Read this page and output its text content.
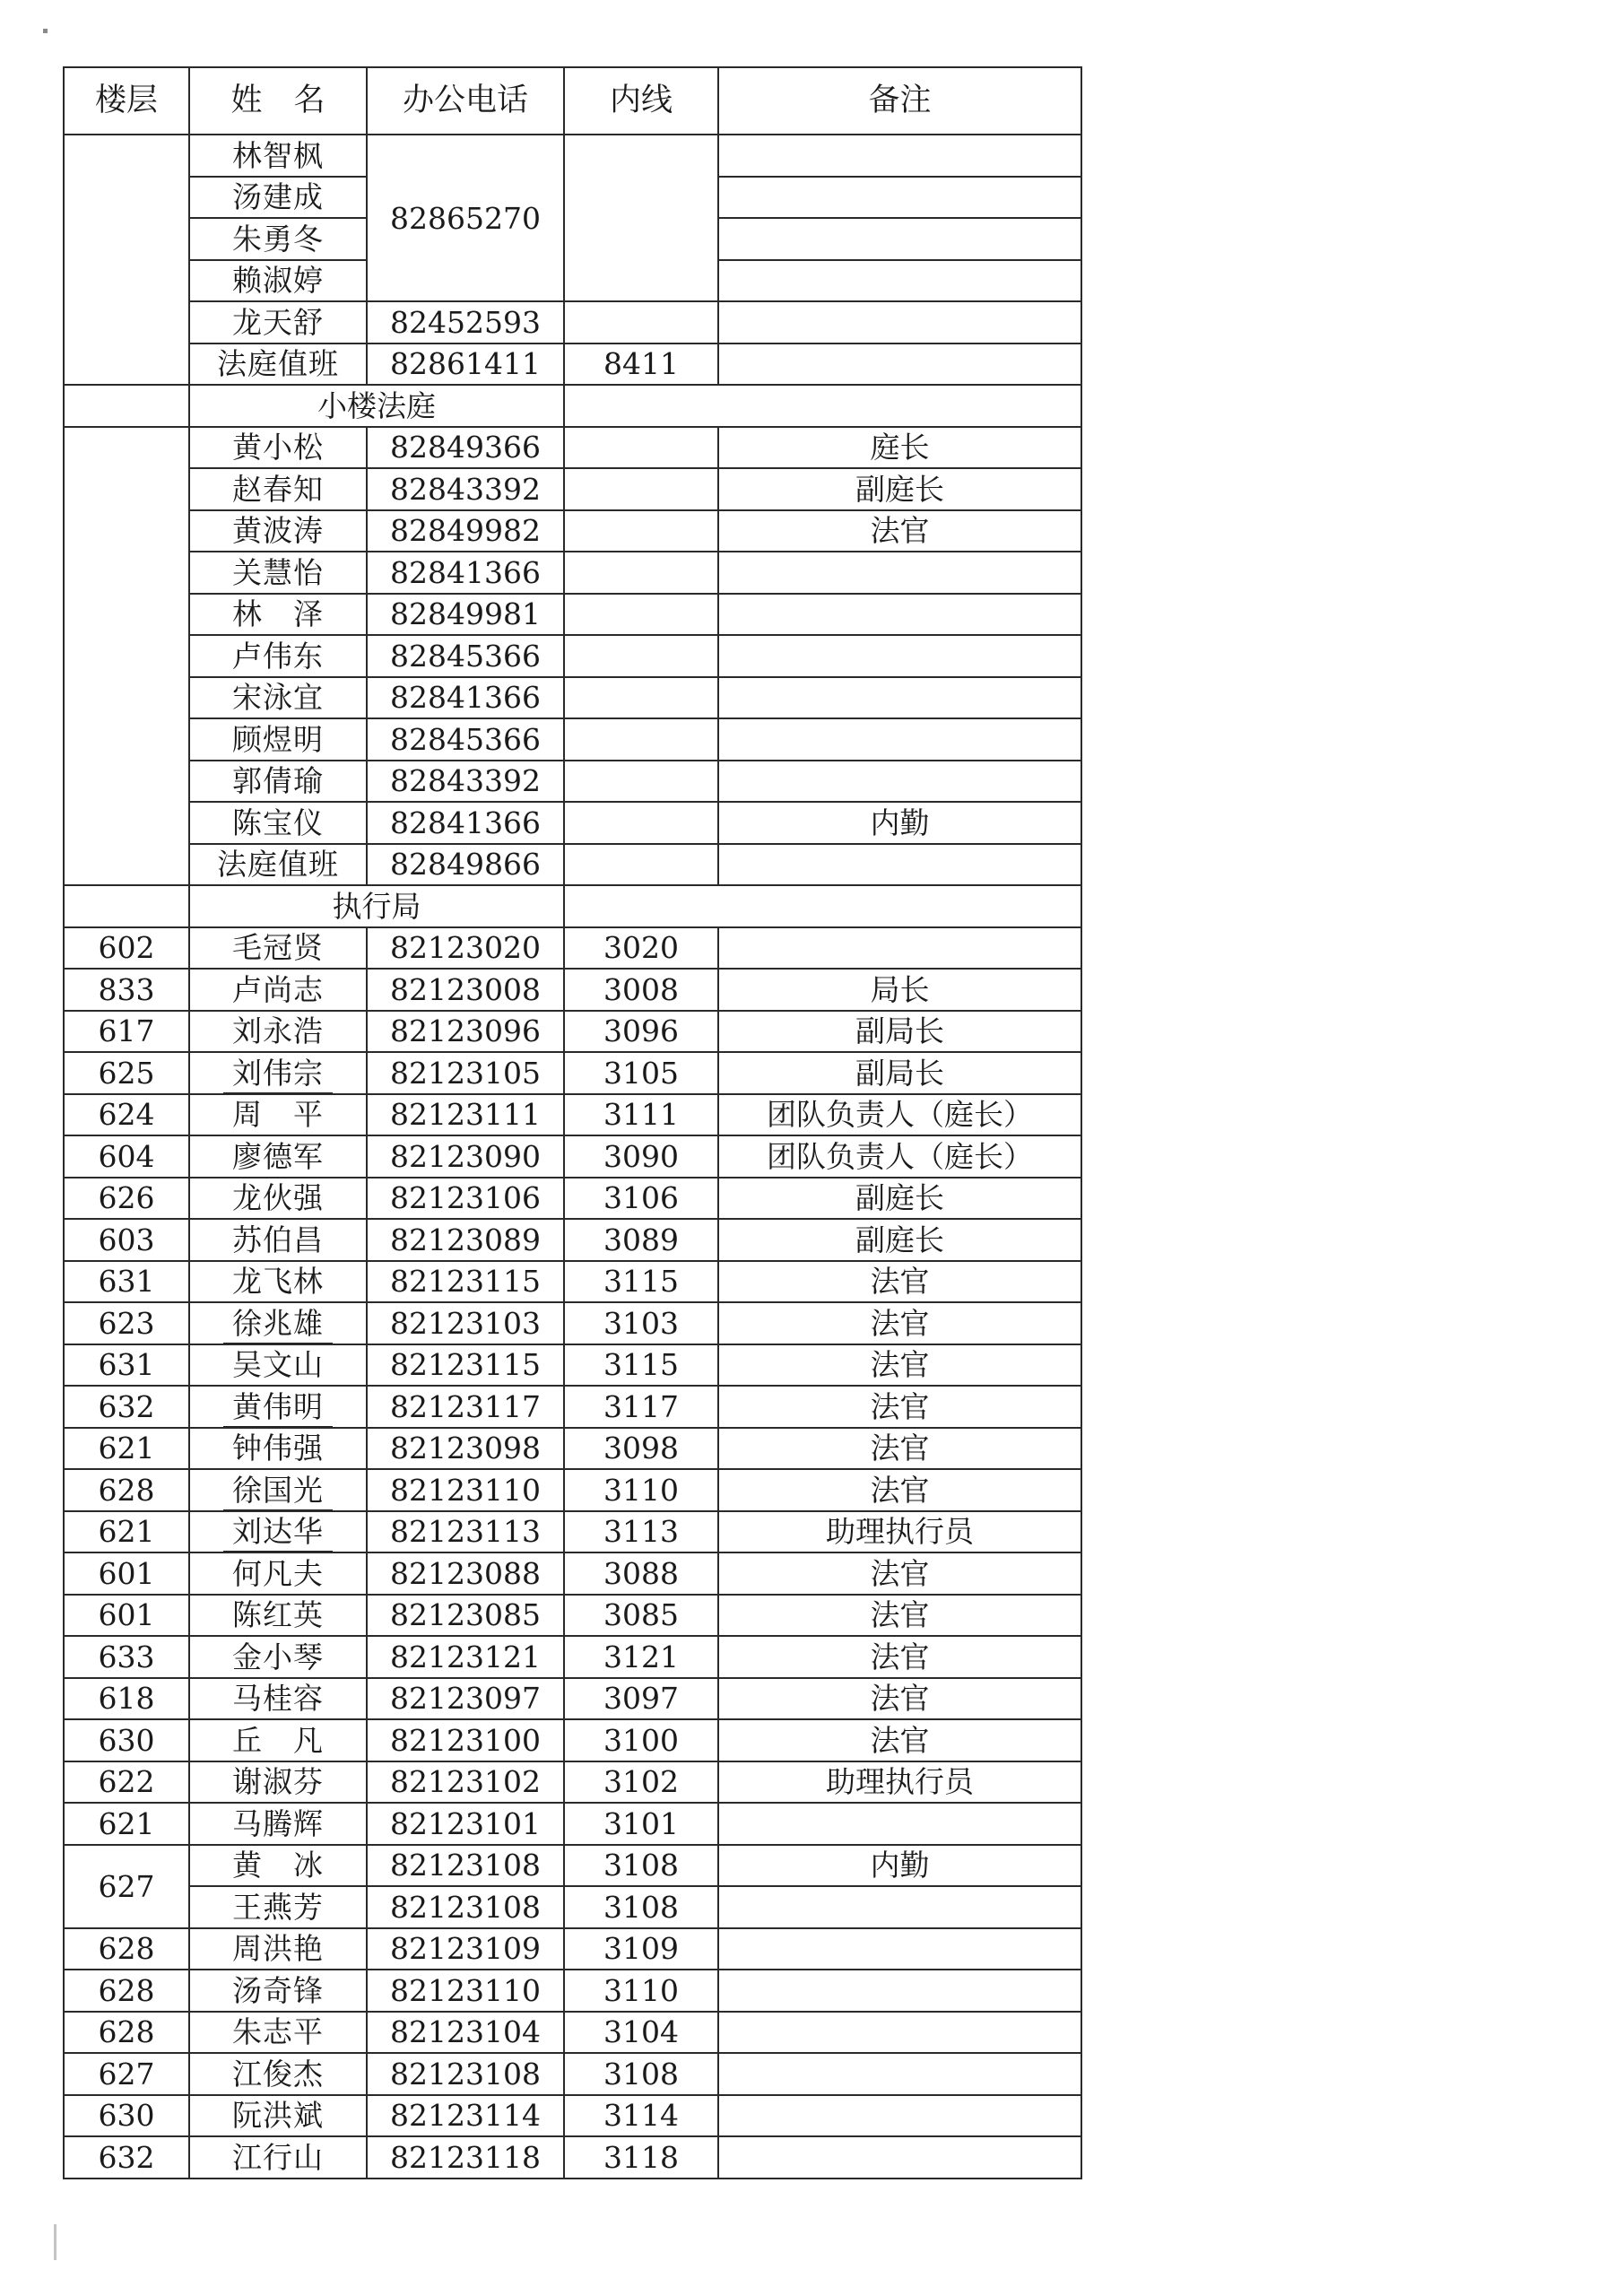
楼层	姓　名	办公电话	内线	备注
	林智枫	82865270		
	汤建成			
	朱勇冬			
	赖淑婷			
	龙天舒	82452593		
	法庭值班	82861411	8411	
	小楼法庭			
	黄小松	82849366		庭长
	赵春知	82843392		副庭长
	黄波涛	82849982		法官
	关慧怡	82841366		
	林　泽	82849981		
	卢伟东	82845366		
	宋泳宜	82841366		
	顾煜明	82845366		
	郭倩瑜	82843392		
	陈宝仪	82841366		内勤
	法庭值班	82849866		
	执行局			
602	毛冠贤	82123020	3020	
833	卢尚志	82123008	3008	局长
617	刘永浩	82123096	3096	副局长
625	刘伟宗	82123105	3105	副局长
624	周　平	82123111	3111	团队负责人（庭长）
604	廖德军	82123090	3090	团队负责人（庭长）
626	龙伙强	82123106	3106	副庭长
603	苏伯昌	82123089	3089	副庭长
631	龙飞林	82123115	3115	法官
623	徐兆雄	82123103	3103	法官
631	吴文山	82123115	3115	法官
632	黄伟明	82123117	3117	法官
621	钟伟强	82123098	3098	法官
628	徐国光	82123110	3110	法官
621	刘达华	82123113	3113	助理执行员
601	何凡夫	82123088	3088	法官
601	陈红英	82123085	3085	法官
633	金小琴	82123121	3121	法官
618	马桂容	82123097	3097	法官
630	丘　凡	82123100	3100	法官
622	谢淑芬	82123102	3102	助理执行员
621	马腾辉	82123101	3101	
627	黄　冰	82123108	3108	内勤
	王燕芳	82123108	3108	
628	周洪艳	82123109	3109	
628	汤奇锋	82123110	3110	
628	朱志平	82123104	3104	
627	江俊杰	82123108	3108	
630	阮洪斌	82123114	3114	
632	江行山	82123118	3118	
